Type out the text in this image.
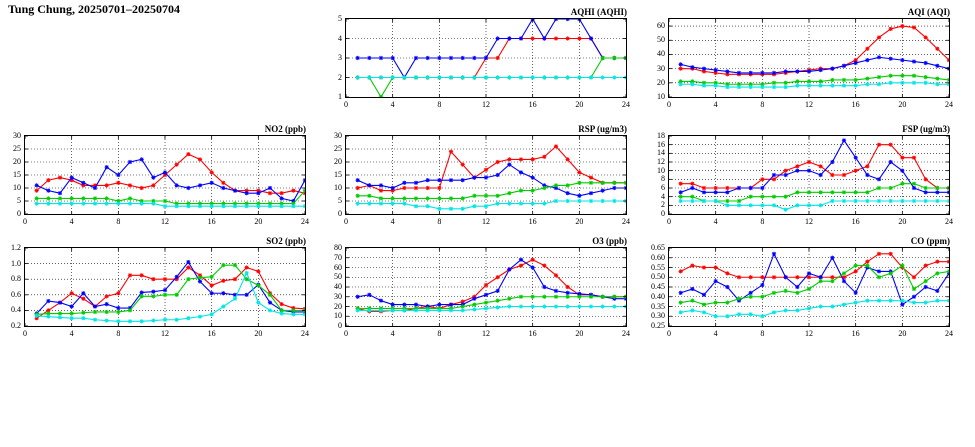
Tung Chung, 20250701–20250704	AQHI (AQHI)
1
2
3
4
5
0	4	8	12	16	20	24
AQI (AQI)
10
20
30
40
50
60
0	4	8	12	16	20	24
NO2 (ppb)
0
5
10
15
20
25
30
0	4	8	12	16	20	24
RSP (ug/m3)
0
5
10
15
20
25
30
0	4	8	12	16	20	24
FSP (ug/m3)
0
2
4
6
8
10
12
14
16
18
0	4	8	12	16	20	24
SO2 (ppb)
0.2
0.4
0.6
0.8
1.0
1.2
0	4	8	12	16	20	24
O3 (ppb)
0
10
20
30
40
50
60
70
80
0	4	8	12	16	20	24
CO (ppm)
0.25
0.30
0.35
0.40
0.45
0.50
0.55
0.60
0.65
0	4	8	12	16	20	24
